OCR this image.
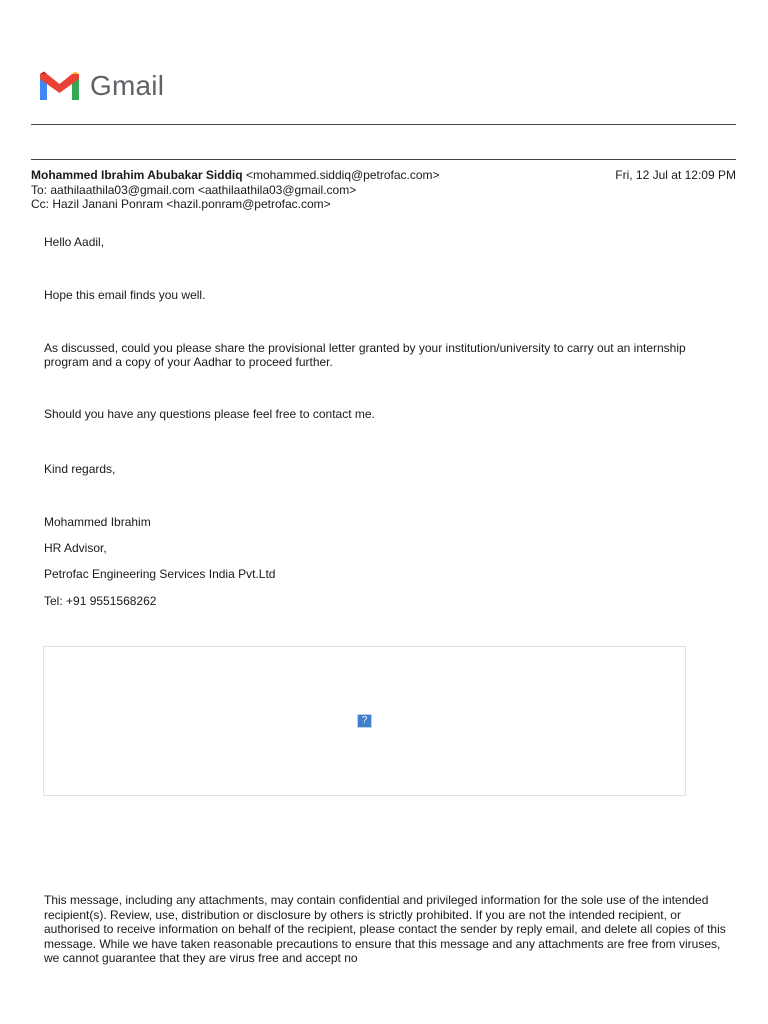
Gmail
Mohammed Ibrahim Abubakar Siddiq <mohammed.siddiq@petrofac.com>	Fri, 12 Jul at 12:09 PM
To: aathilaathila03@gmail.com <aathilaathila03@gmail.com>
Cc: Hazil Janani Ponram <hazil.ponram@petrofac.com>
Hello Aadil,
Hope this email finds you well.
As discussed, could you please share the provisional letter granted by your institution/university to carry out an internship program and a copy of your Aadhar to proceed further.
Should you have any questions please feel free to contact me.
Kind regards,
Mohammed Ibrahim
HR Advisor,
Petrofac Engineering Services India Pvt.Ltd
Tel: +91 9551568262
?
This message, including any attachments, may contain confidential and privileged information for the sole use of the intended recipient(s). Review, use, distribution or disclosure by others is strictly prohibited. If you are not the intended recipient, or authorised to receive information on behalf of the recipient, please contact the sender by reply email, and delete all copies of this message. While we have taken reasonable precautions to ensure that this message and any attachments are free from viruses, we cannot guarantee that they are virus free and accept no
